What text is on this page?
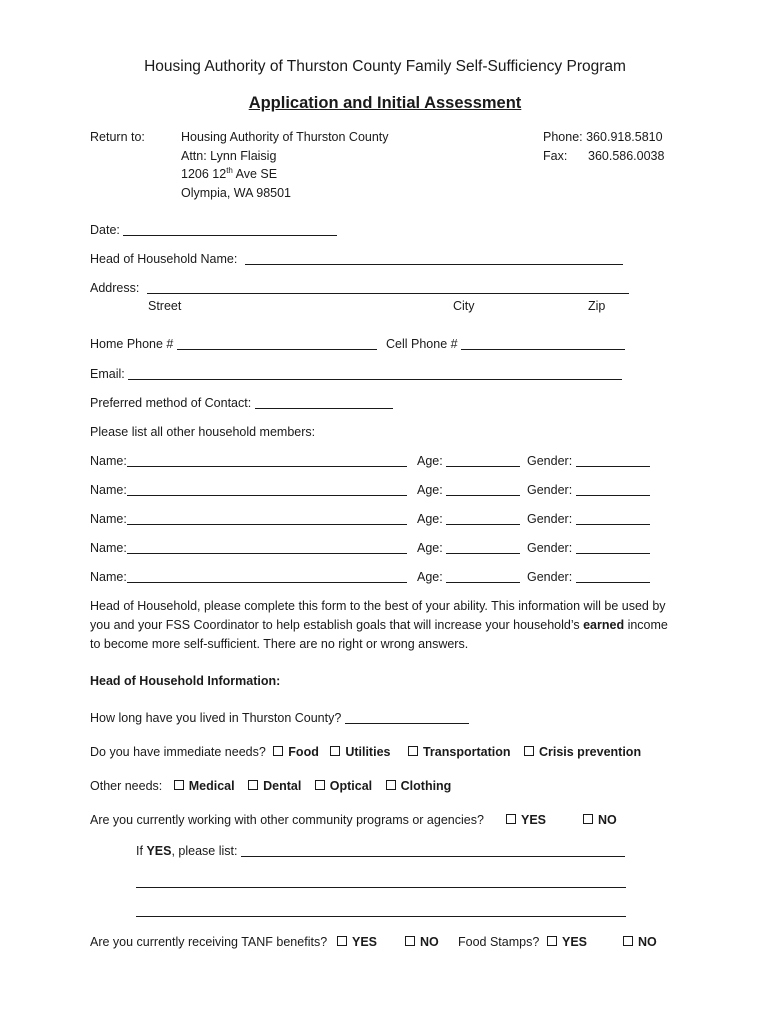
Housing Authority of Thurston County Family Self-Sufficiency Program
Application and Initial Assessment
Return to:	Housing Authority of Thurston County
Attn: Lynn Flaisig
1206 12th Ave SE
Olympia, WA 98501
Phone: 360.918.5810
Fax: 360.586.0038
Date:
Head of Household Name:
Address:
Street	City	Zip
Home Phone #	Cell Phone #
Email:
Preferred method of Contact:
Please list all other household members:
Name:	Age:	Gender:
Name:	Age:	Gender:
Name:	Age:	Gender:
Name:	Age:	Gender:
Name:	Age:	Gender:
Head of Household, please complete this form to the best of your ability. This information will be used by you and your FSS Coordinator to help establish goals that will increase your household’s earned income to become more self-sufficient. There are no right or wrong answers.
Head of Household Information:
How long have you lived in Thurston County?
Do you have immediate needs? Food Utilities	Transportation Crisis prevention
Other needs: Medical Dental Optical Clothing
Are you currently working with other community programs or agencies?	YES	NO
If YES, please list:
Are you currently receiving TANF benefits?	YES	NO Food Stamps?	YES	NO
